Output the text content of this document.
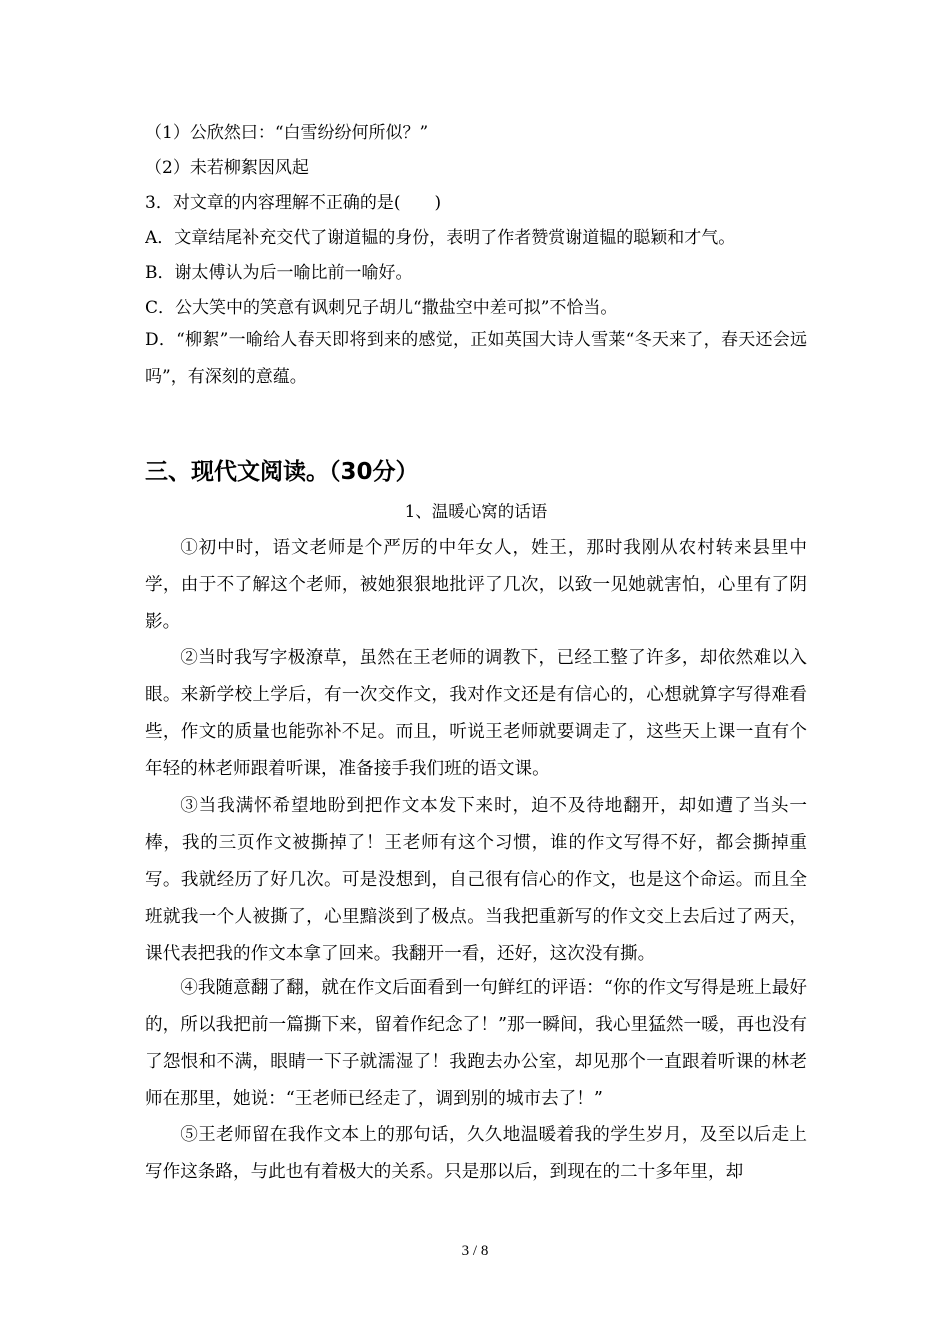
（1）公欣然曰：“白雪纷纷何所似？”
（2）未若柳絮因风起
3．对文章的内容理解不正确的是(　　)
A．文章结尾补充交代了谢道韫的身份，表明了作者赞赏谢道韫的聪颖和才气。
B．谢太傅认为后一喻比前一喻好。
C．公大笑中的笑意有讽刺兄子胡儿“撒盐空中差可拟”不恰当。

D．“柳絮”一喻给人春天即将到来的感觉，正如英国大诗人雪莱“冬天来了，春天还会远吗”，有深刻的意蕴。

三、现代文阅读。（30分）
1、温暖心窝的话语

①初中时，语文老师是个严厉的中年女人，姓王，那时我刚从农村转来县里中学，由于不了解这个老师，被她狠狠地批评了几次，以致一见她就害怕，心里有了阴影。

②当时我写字极潦草，虽然在王老师的调教下，已经工整了许多，却依然难以入眼。来新学校上学后，有一次交作文，我对作文还是有信心的，心想就算字写得难看些，作文的质量也能弥补不足。而且，听说王老师就要调走了，这些天上课一直有个年轻的林老师跟着听课，准备接手我们班的语文课。

③当我满怀希望地盼到把作文本发下来时，迫不及待地翻开，却如遭了当头一棒，我的三页作文被撕掉了！王老师有这个习惯，谁的作文写得不好，都会撕掉重写。我就经历了好几次。可是没想到，自己很有信心的作文，也是这个命运。而且全班就我一个人被撕了，心里黯淡到了极点。当我把重新写的作文交上去后过了两天，课代表把我的作文本拿了回来。我翻开一看，还好，这次没有撕。

④我随意翻了翻，就在作文后面看到一句鲜红的评语：“你的作文写得是班上最好的，所以我把前一篇撕下来，留着作纪念了！”那一瞬间，我心里猛然一暖，再也没有了怨恨和不满，眼睛一下子就濡湿了！我跑去办公室，却见那个一直跟着听课的林老师在那里，她说：“王老师已经走了，调到别的城市去了！”

⑤王老师留在我作文本上的那句话，久久地温暖着我的学生岁月，及至以后走上写作这条路，与此也有着极大的关系。只是那以后，到现在的二十多年里，却

3 / 8
